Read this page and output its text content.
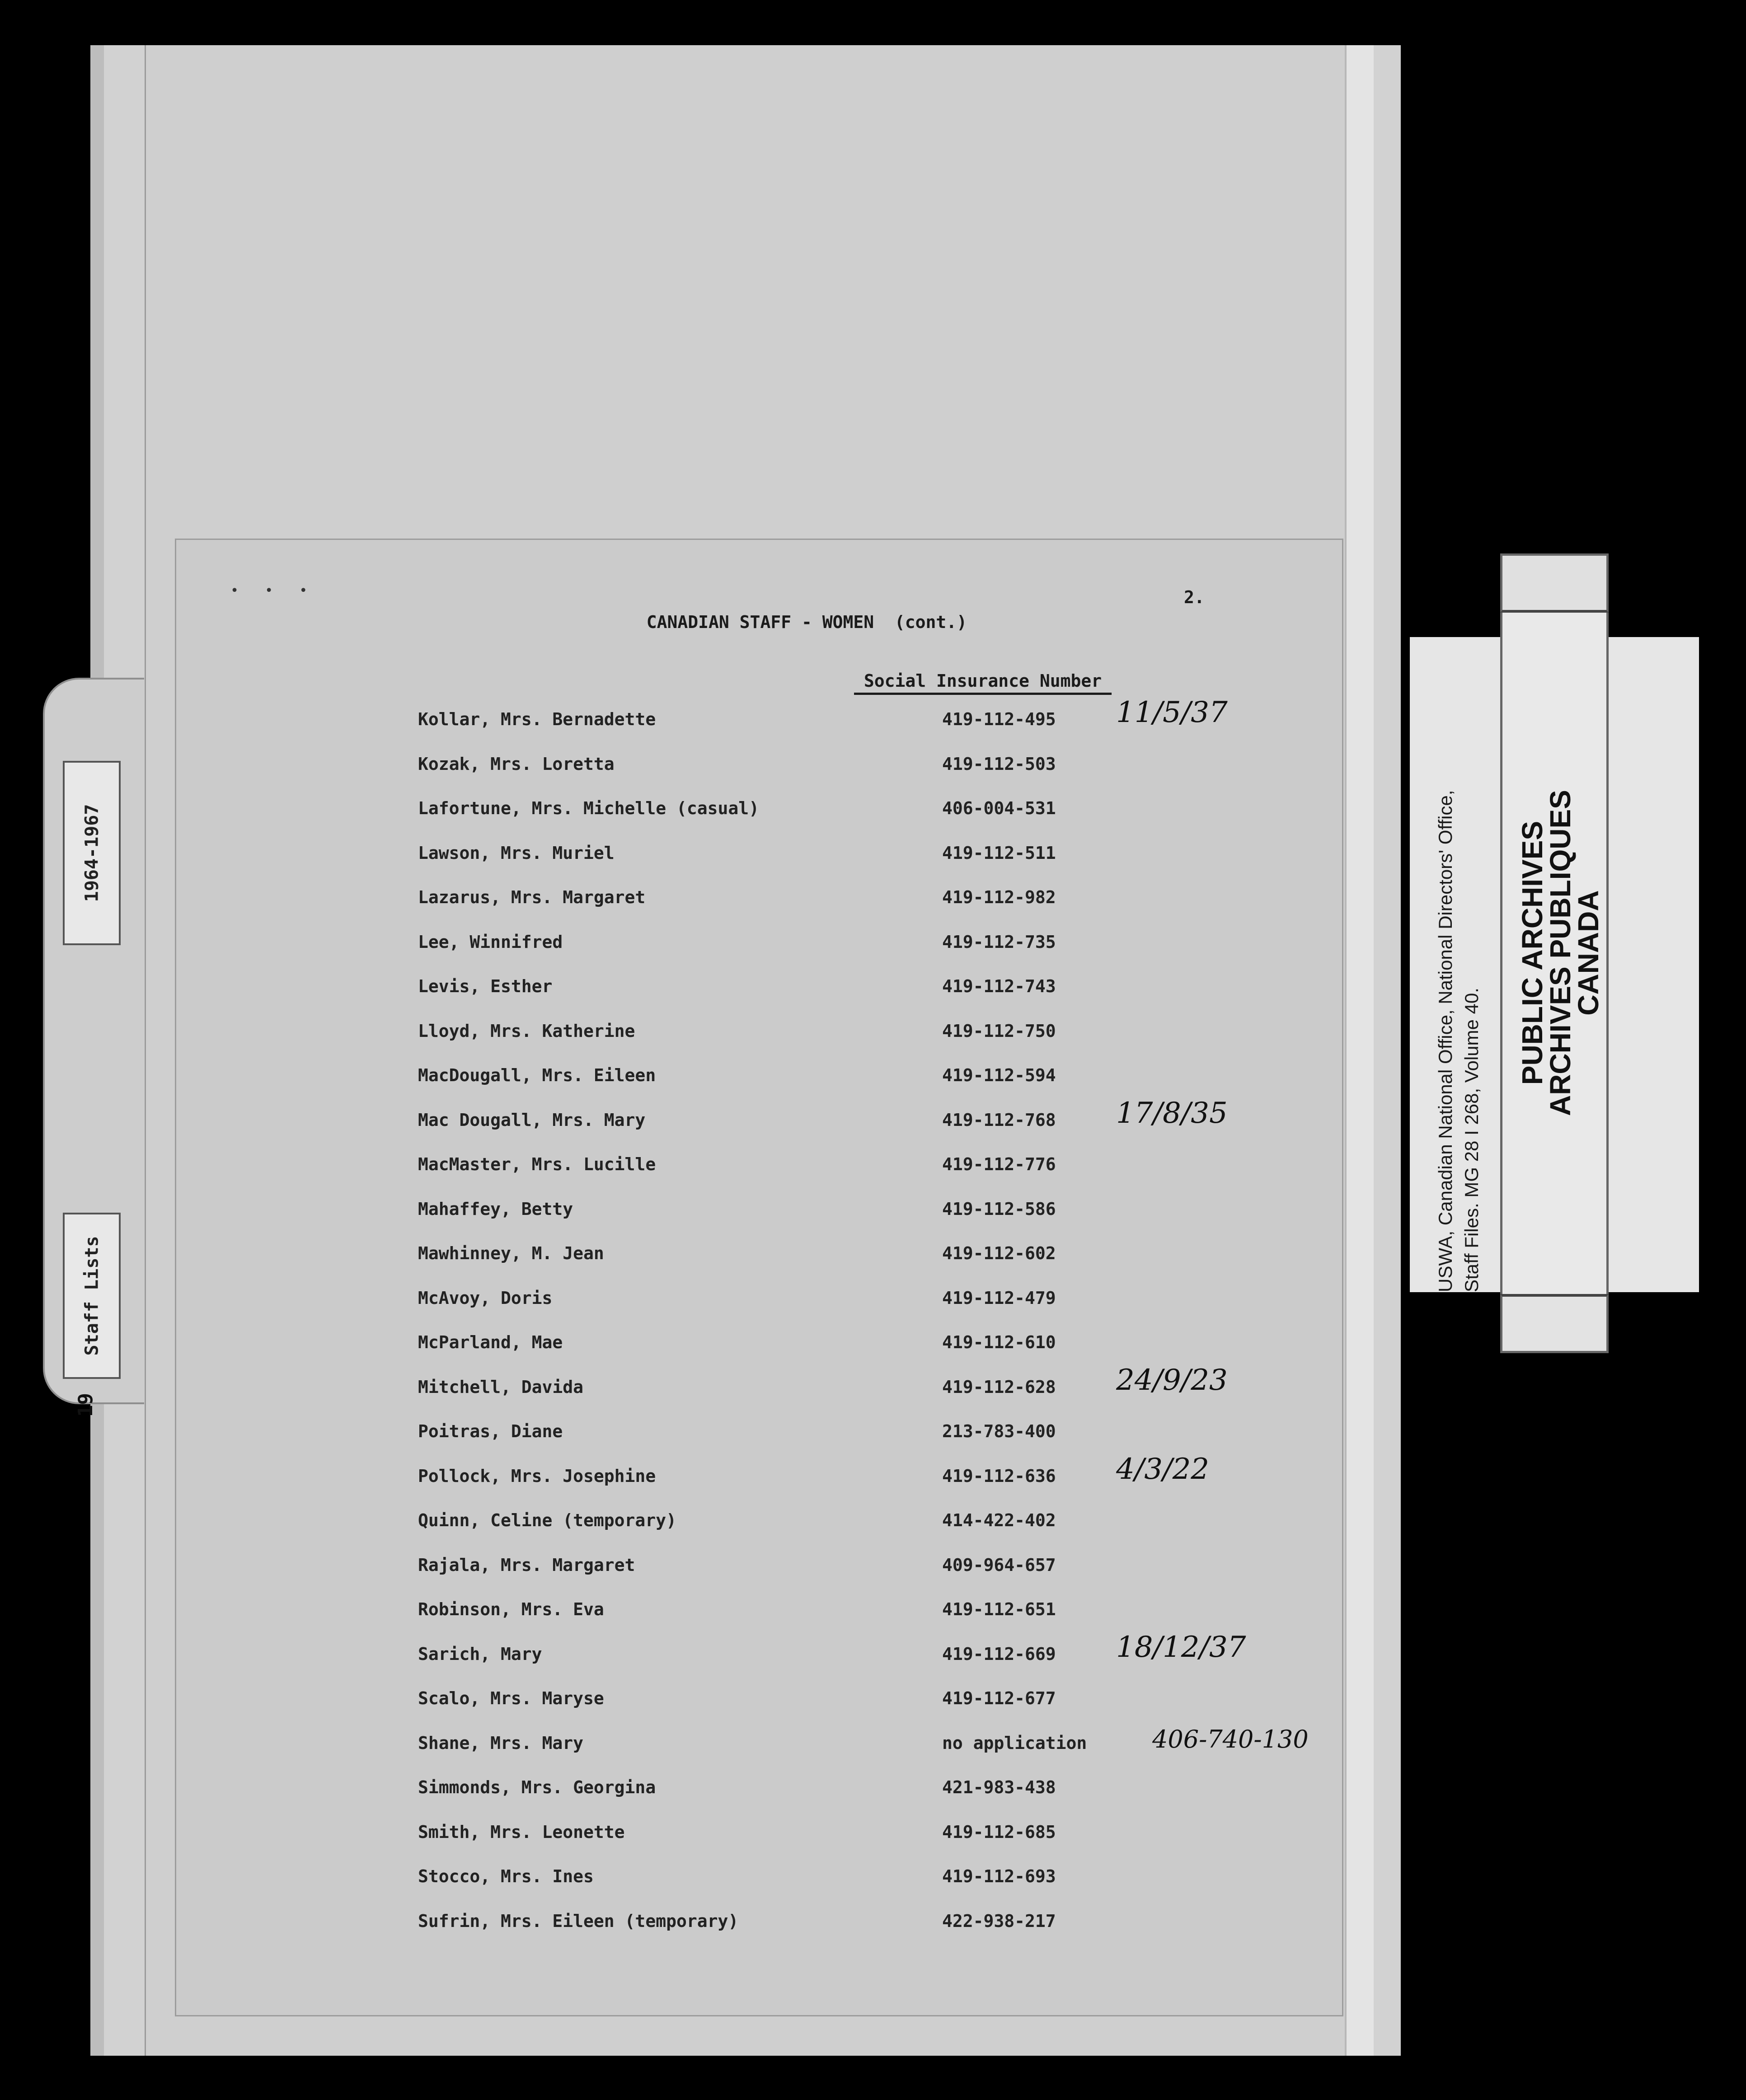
1964-1967
Staff Lists
19
• • •	2.
CANADIAN STAFF - WOMEN  (cont.)
Social Insurance Number
Kollar, Mrs. Bernadette	419-112-495 11/5/37
Kozak, Mrs. Loretta	419-112-503
Lafortune, Mrs. Michelle (casual)	406-004-531
Lawson, Mrs. Muriel	419-112-511
Lazarus, Mrs. Margaret	419-112-982
Lee, Winnifred	419-112-735
Levis, Esther	419-112-743
Lloyd, Mrs. Katherine	419-112-750
MacDougall, Mrs. Eileen	419-112-594
Mac Dougall, Mrs. Mary	419-112-768 17/8/35
MacMaster, Mrs. Lucille	419-112-776
Mahaffey, Betty	419-112-586
Mawhinney, M. Jean	419-112-602
McAvoy, Doris	419-112-479
McParland, Mae	419-112-610
Mitchell, Davida	419-112-628 24/9/23
Poitras, Diane	213-783-400
Pollock, Mrs. Josephine	419-112-636 4/3/22
Quinn, Celine (temporary)	414-422-402
Rajala, Mrs. Margaret	409-964-657
Robinson, Mrs. Eva	419-112-651
Sarich, Mary	419-112-669 18/12/37
Scalo, Mrs. Maryse	419-112-677
Shane, Mrs. Mary	no application	406-740-130
Simmonds, Mrs. Georgina	421-983-438
Smith, Mrs. Leonette	419-112-685
Stocco, Mrs. Ines	419-112-693
Sufrin, Mrs. Eileen (temporary)	422-938-217
USWA, Canadian National Office, National Directors' Office, Staff Files. MG 28 I 268, Volume 40.
PUBLIC ARCHIVES
ARCHIVES PUBLIQUES
CANADA
